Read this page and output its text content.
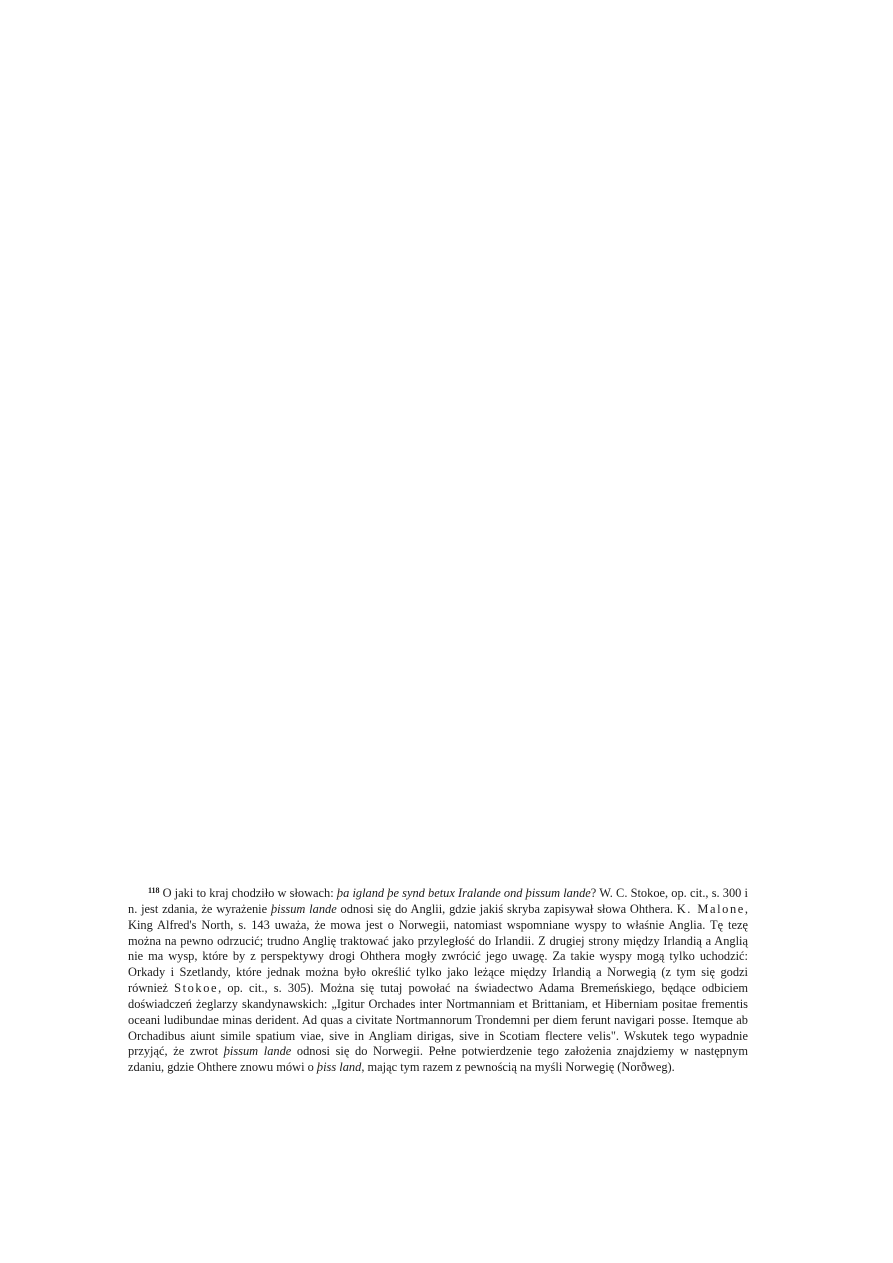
$^{118}$ O jaki to kraj chodziło w słowach: þa igland þe synd betux Iralande ond þissum lande? W. C. Stokoe, op. cit., s. 300 i n. jest zdania, że wyrażenie þissum lande odnosi się do Anglii, gdzie jakiś skryba zapisywał słowa Ohthera. K. Malone, King Alfred's North, s. 143 uważa, że mowa jest o Norwegii, natomiast wspomniane wyspy to właśnie Anglia. Tę tezę można na pewno odrzucić; trudno Anglię traktować jako przyległość do Irlandii. Z drugiej strony między Irlandią a Anglią nie ma wysp, które by z perspektywy drogi Ohthera mogły zwrócić jego uwagę. Za takie wyspy mogą tylko uchodzić: Orkady i Szetlandy, które jednak można było określić tylko jako leżące między Irlandią a Norwegią (z tym się godzi również Stokoe, op. cit., s. 305). Można się tutaj powołać na świadectwo Adama Bremeńskiego, będące odbiciem doświadczeń żeglarzy skandynawskich: „Igitur Orchades inter Nortmanniam et Brittaniam, et Hiberniam positae frementis oceani ludibundae minas derident. Ad quas a civitate Nortmannorum Trondemni per diem ferunt navigari posse. Itemque ab Orchadibus aiunt simile spatium viae, sive in Angliam dirigas, sive in Scotiam flectere velis". Wskutek tego wypadnie przyjąć, że zwrot þissum lande odnosi się do Norwegii. Pełne potwierdzenie tego założenia znajdziemy w następnym zdaniu, gdzie Ohthere znowu mówi o þiss land, mając tym razem z pewnością na myśli Norwegię (Norðweg).
